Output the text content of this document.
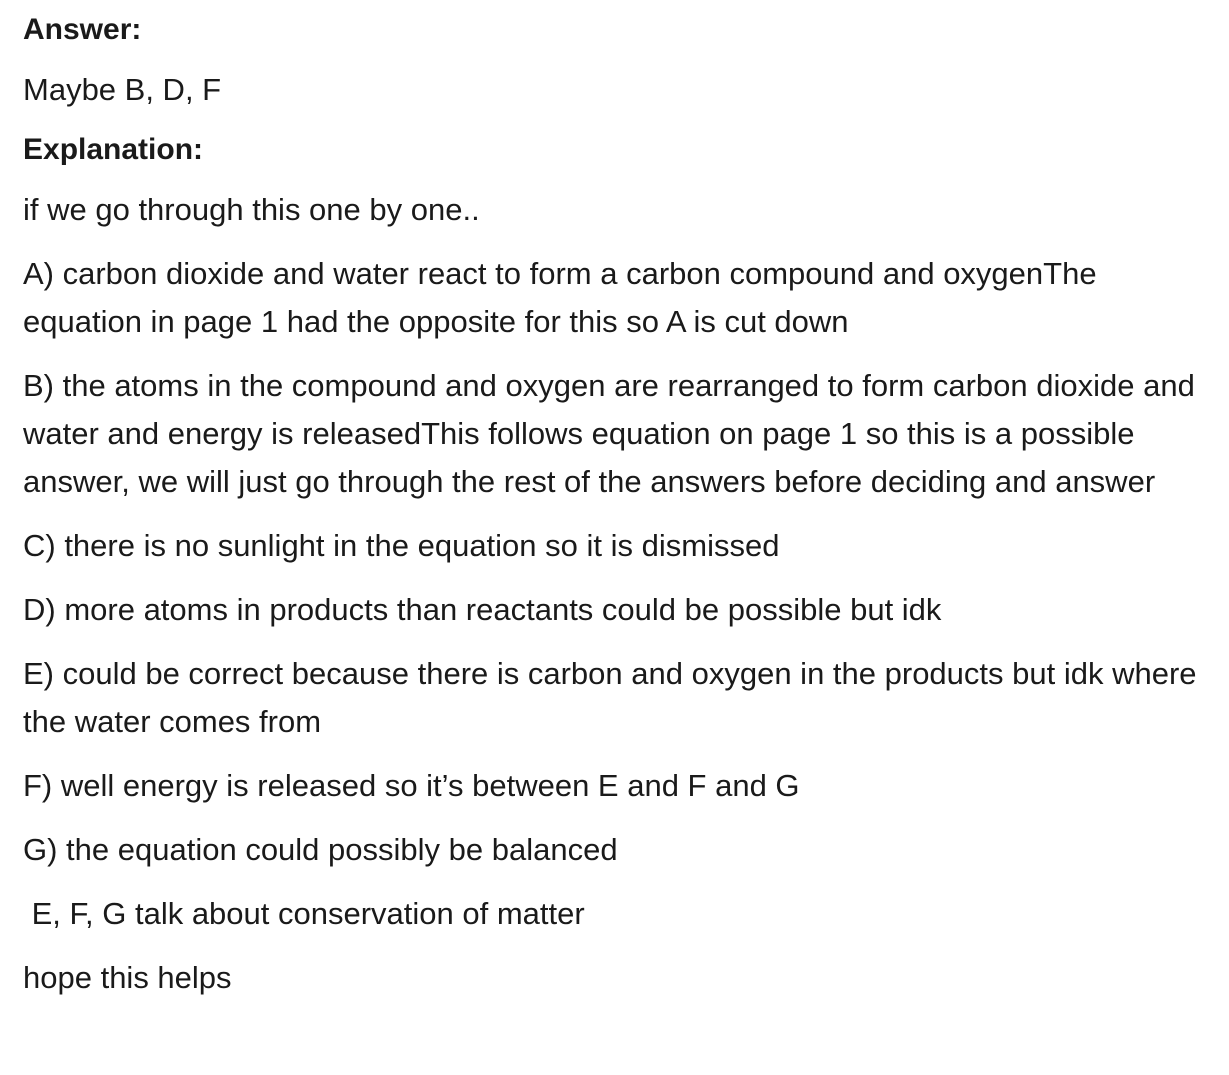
Answer:
Maybe B, D, F
Explanation:
if we go through this one by one..
A) carbon dioxide and water react to form a carbon compound and oxygenThe equation in page 1 had the opposite for this so A is cut down
B) the atoms in the compound and oxygen are rearranged to form carbon dioxide and water and energy is releasedThis follows equation on page 1 so this is a possible answer, we will just go through the rest of the answers before deciding and answer
C) there is no sunlight in the equation so it is dismissed
D) more atoms in products than reactants could be possible but idk
E) could be correct because there is carbon and oxygen in the products but idk where the water comes from
F) well energy is released so it’s between E and F and G
G) the equation could possibly be balanced
E, F, G talk about conservation of matter
hope this helps
